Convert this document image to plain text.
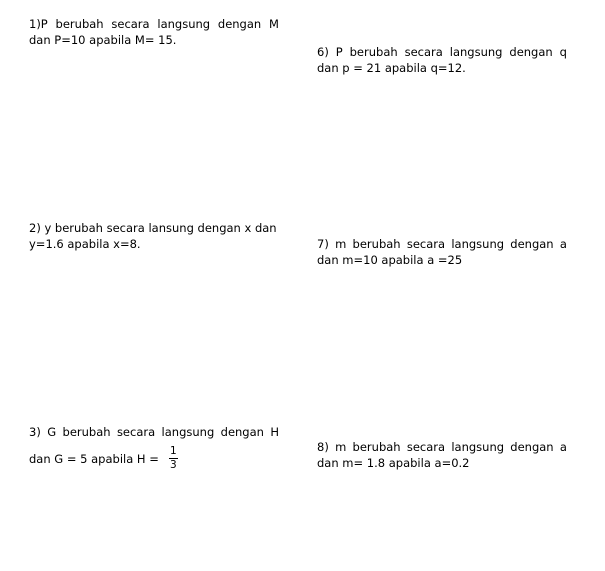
1)P berubah secara langsung dengan M
dan P=10 apabila M= 15.
6) P berubah secara langsung dengan q
dan p = 21 apabila q=12.
2) y berubah secara lansung dengan x dan
y=1.6 apabila x=8.	7) m berubah secara langsung dengan a
dan m=10 apabila a =25
3) G berubah secara langsung dengan H
dan G = 5 apabila $H = \frac{1}{3}$	8) m berubah secara langsung dengan a
dan m= 1.8 apabila a=0.2
